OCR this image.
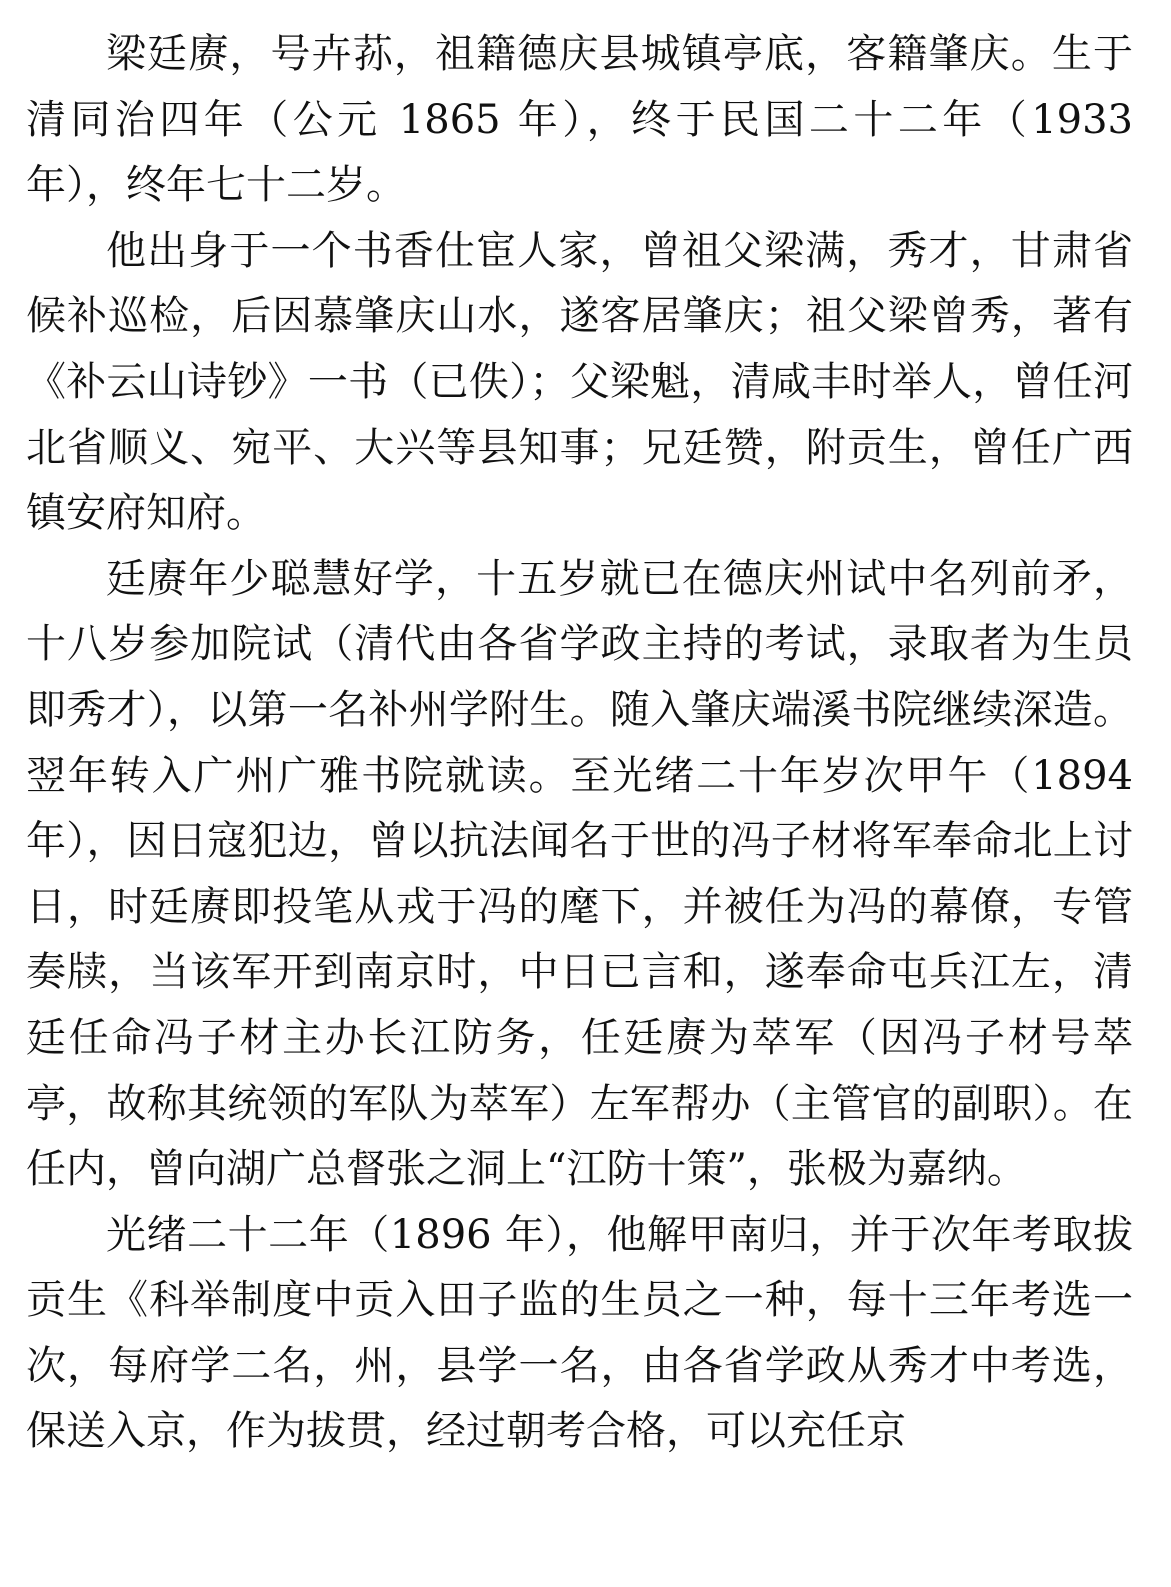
梁廷赓，号卉荪，祖籍德庆县城镇亭底，客籍肇庆。生于清同治四年（公元 1865 年），终于民国二十二年（1933 年），终年七十二岁。

他出身于一个书香仕宦人家，曾祖父梁满，秀才，甘肃省候补巡检，后因慕肇庆山水，遂客居肇庆；祖父梁曾秀，著有《补云山诗钞》一书（已佚）；父梁魁，清咸丰时举人，曾任河北省顺义、宛平、大兴等县知事；兄廷赞，附贡生，曾任广西镇安府知府。

廷赓年少聪慧好学，十五岁就已在德庆州试中名列前矛，十八岁参加院试（清代由各省学政主持的考试，录取者为生员即秀才），以第一名补州学附生。随入肇庆端溪书院继续深造。翌年转入广州广雅书院就读。至光绪二十年岁次甲午（1894 年），因日寇犯边，曾以抗法闻名于世的冯子材将军奉命北上讨日，时廷赓即投笔从戎于冯的麾下，并被任为冯的幕僚，专管奏牍，当该军开到南京时，中日已言和，遂奉命屯兵江左，清廷任命冯子材主办长江防务，任廷赓为萃军（因冯子材号萃亭，故称其统领的军队为萃军）左军帮办（主管官的副职）。在任内，曾向湖广总督张之洞上“江防十策”，张极为嘉纳。

光绪二十二年（1896 年），他解甲南归，并于次年考取拔贡生《科举制度中贡入田子监的生员之一种，每十三年考选一次，每府学二名，州，县学一名，由各省学政从秀才中考选，保送入京，作为拔贯，经过朝考合格，可以充任京
